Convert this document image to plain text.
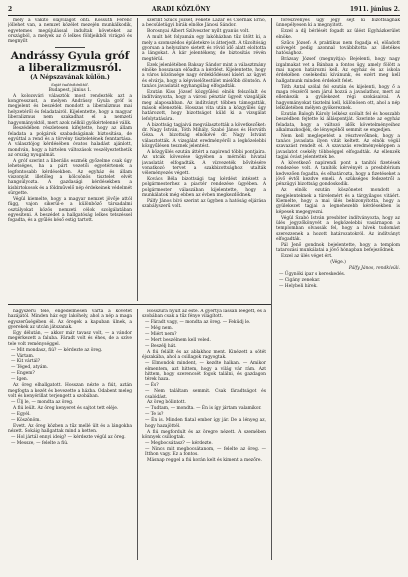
2	ARADI KÖZLÖNY	1911. június 2.

mely a vakító olajvilágot önti. Kossuth Ferenc jóllehet van, a nemzet közélet mezején munkálkodik, egyetemes megújulással indultak követeket az országból, a melyek az ő lelkes földjeikből virágzó és megnyílt

Andrássy Gyula gróf a liberalizmusról.

(A Népszavának külön.)

Saját tudósítónktól.

Budapest, június 1.

A kolozsvári választók most rendezték azt a kongresszust, a melyen Andrássy Gyula gróf is megjelent és beszédet mondott a liberalizmus mai helyzetéről és feladatairól. Kijelentette, hogy a magyar liberalizmus nem szakadhat el a nemzeti hagyományoktól, mert azok nélkül gyökértelenné válik.

Beszédében részletesen kifejtette, hogy az állam feladata a polgárok szabadságának biztosítása, de egyúttal a rend és a törvény tiszteletének fenntartása. A választójog kérdésében óvatos haladást ajánlott, mondván, hogy a hirtelen változások veszélyeztethetik az ország nyugalmát.

A gróf szerint a liberális eszmék győzelme csak úgy lehetséges, ha a párt vezetői egyetértenek a legfontosabb kérdésekben. Az egyház és állam viszonyát illetőleg a kölcsönös tisztelet elvét hangsúlyozta. A gazdasági kérdésekben a kisbirtokosok és a földművelő nép érdekeinek védelmét sürgette.

Végül kiemelte, hogy a magyar nemzet jövője attól függ, vajon sikerül-e a különböző társadalmi osztályokat közös nemzeti célok szolgálatában egyesíteni. A beszédet a hallgatóság lelkes tetszéssel fogadta, és a gyűlés késő estig tartott.

szerint Szűcs József, Fekete Lázár és Csernák Ernő, a becsületügyi bírák elnöke Jánosi Sándor.

Borosnyai Albert Szilveszter nyílt gyanús volt.

A mult hét folyamán egy lakóházban tűz ütött ki, a mely a szomszédos épületekre is átterjedt. A tűzoltóság gyorsan a helyszínre sietett és rövid idő alatt eloltotta a lángokat. A kár jelentékeny, de biztosítás révén megtérül.

Ezek jelenlétében Baksay Sándor mint a választmány elnöke hosszasan előadta a kérdést. Kijelentette, hogy a város közönsége nagy érdeklődéssel kíséri az ügyet és elvárja, hogy a képviselőtestület mielőbb döntsön. A tanács javaslatát egyhangúlag elfogadták.

Ezután Kiss József közgyűlési elnök felszólalt és indítványozta, hogy a városi pénztár ügyeit vizsgálják meg alaposabban. Az indítványt többen támogatták, mások ellenezték. Hosszas vita után a közgyűlés úgy határozott, hogy bizottságot küld ki a vizsgálat lefolytatására.

A bizottság tagjaivá megválasztották a következőket: dr. Nagy István, Tóth Mihály, Szabó János és Horváth Géza. A bizottság elnökévé dr. Nagy Istvánt választották. A vizsgálat eredményéről a legközelebbi közgyűlésen tesznek jelentést.

A közgyűlés ezután áttért a napirend többi pontjaira. Az utcák kövezése ügyében a mérnöki hivatal javaslatát elfogadták. A vízvezeték bővítésére vonatkozó tervet a szakbizottsághoz utalták véleményezés végett.

Kovács Béla bizottsági tag kérdést intézett a polgármesterhez a piactér rendezése ügyében. A polgármester válaszában kijelentette, hogy a munkálatok még ebben az évben megkezdődnek.

Pálfy János bíró szerint az ügyben a hatóság eljárása szabályszerű volt.

főrészvényes úgy jegy sejt ki bizottságnak ünnepélyesen ki a megnyitott.

Ezzel a díj bérlését fogadt az ülést Egyházkerület elnöke.

Szűcs József: A praktikus nem fogadja el, előadott szövegét pedig azonnal továbbította az illetékes hatósághoz.

Brázsay József (megnyitja): Bejelenti, hogy nagy izgalmakat vet a Bánban a fontos ügy, amely fölött a mai napon határozni kell. Az egyház és az iskola érdekében cselekedni kívánunk, és ezért meg kell hallgatnunk minden érdekelt felet.

Tóth Antal szólal fel ezután és kijelenti, hogy ő a maga részéről nem járul hozzá a javaslathoz, mert az ellenkezik a gyülekezet régi szokásaival. A hagyományokat tisztelni kell, különösen ott, ahol a nép lelkületében mélyen gyökereznek.

Ezután Balogh Károly lelkész szólalt fel és hosszabb beszédben fejtette ki álláspontját. Szerinte az egyház feladata, hogy a változó idők követelményeihez alkalmazkodjék, de lényegéből semmit se engedjen.

Nem kell meglepetést a résztvevőknek, hogy a tanács javaslata ilyen vitát keltett. Az elnök végül szavazást rendelt el. A szavazás eredményeképpen a javaslatot csekély többséggel elfogadták. Az ellenzék tagjai óvást jelentettek be.

A következő napirendi pont a tanítói fizetések rendezése volt. A tanítók kérvényét a presbitérium kedvezően fogadta, és elhatározta, hogy a fizetéseket a jövő évtől kezdve emeli. A szükséges fedezetről a pénzügyi bizottság gondoskodik.

Az elnök ezután köszönetet mondott a megjelenteknek a türelemért és a tárgyilagos vitáért. Kiemelte, hogy a mai ülés bebizonyította, hogy a gyülekezet tagjai a legnehezebb kérdésekben is képesek megegyezni.

Végül Szabó István presbiter indítványozta, hogy az ülés jegyzőkönyvét a legközelebbi vasárnapon a templomban olvassák fel, hogy a hívek tudomást szerezzenek a hozott határozatokról. Az indítványt elfogadták.

Pál Jenő gondnok bejelentette, hogy a templom tatarozási munkálatai a jövő hónapban befejeződnek.

Ezzel az ülés véget ért.

(Vége.)

Pálfy János, rendkívüli.

— Ügynöki ipar s kereskedés.

— Cigány zenekar.

— Helybeli hírek.

nagyszerű tele, engedelmesen várta a követet hazájától. Minden ház egy lakóhely, ahol a nép a maga egyszerűségében él. Az öregek a kapuban ülnek, a gyerekek az utcán játszanak.

Egy délután, — akkor már tavasz volt, — a vándor megérkezett a faluba. Fáradt volt és éhes, de a szíve tele volt reménységgel.

— Mit mondasz, fiú? — kérdezte az öreg.

— Vártam.

— Kit vártál?

— Téged, atyám.

— Engem?

— Igen.

Az öreg elhallgatott. Hosszan nézte a fiút, aztán megfogta a kezét és bevezette a házba. Odabent meleg volt és kenyérillat terjengett a szobában.

— Ülj le, — mondta az öreg.

A fiú leült. Az öreg kenyeret és sajtot tett eléje.

— Egyél.

— Köszönöm.

Evett. Az öreg közben a tűz mellé ült és a lángokba nézett. Sokáig hallgattak mind a ketten.

— Hol jártál ennyi ideig? — kérdezte végül az öreg.

— Messze, — felelte a fiú.

Hosszúra nyúlt az este. A gyertya lassan leégett, és a szobában csak a tűz fénye világított.

— Fáradt vagy, — mondta az öreg. — Feküdj le.

— Még nem.

— Miért nem?

— Mert beszélnem kell veled.

— Beszélj hát.

A fiú felállt és az ablakhoz ment. Kinézett a sötét éjszakába, ahol a csillagok ragyogtak.

— Elmondok mindent, — kezdte halkan. — Amikor elmentem, azt hittem, hogy a világ vár rám. Azt hittem, hogy szerencsét fogok találni, és gazdagon térek haza.

— És?

— Nem találtam semmit. Csak fáradtságot és csalódást.

Az öreg bólintott.

— Tudtam, — mondta. — Én is így jártam valamikor.

— Te is?

— Én is. Minden fiatal ember így jár. De a lényeg az, hogy hazajöttél.

A fiú megfordult és az öregre nézett. A szemében könnyek csillogtak.

— Megbocsátasz? — kérdezte.

— Nincs mit megbocsátanom, — felelte az öreg. — Itthon vagy. Ez a fontos.

Másnap reggel a fiú korán kelt és kiment a mezőre.
